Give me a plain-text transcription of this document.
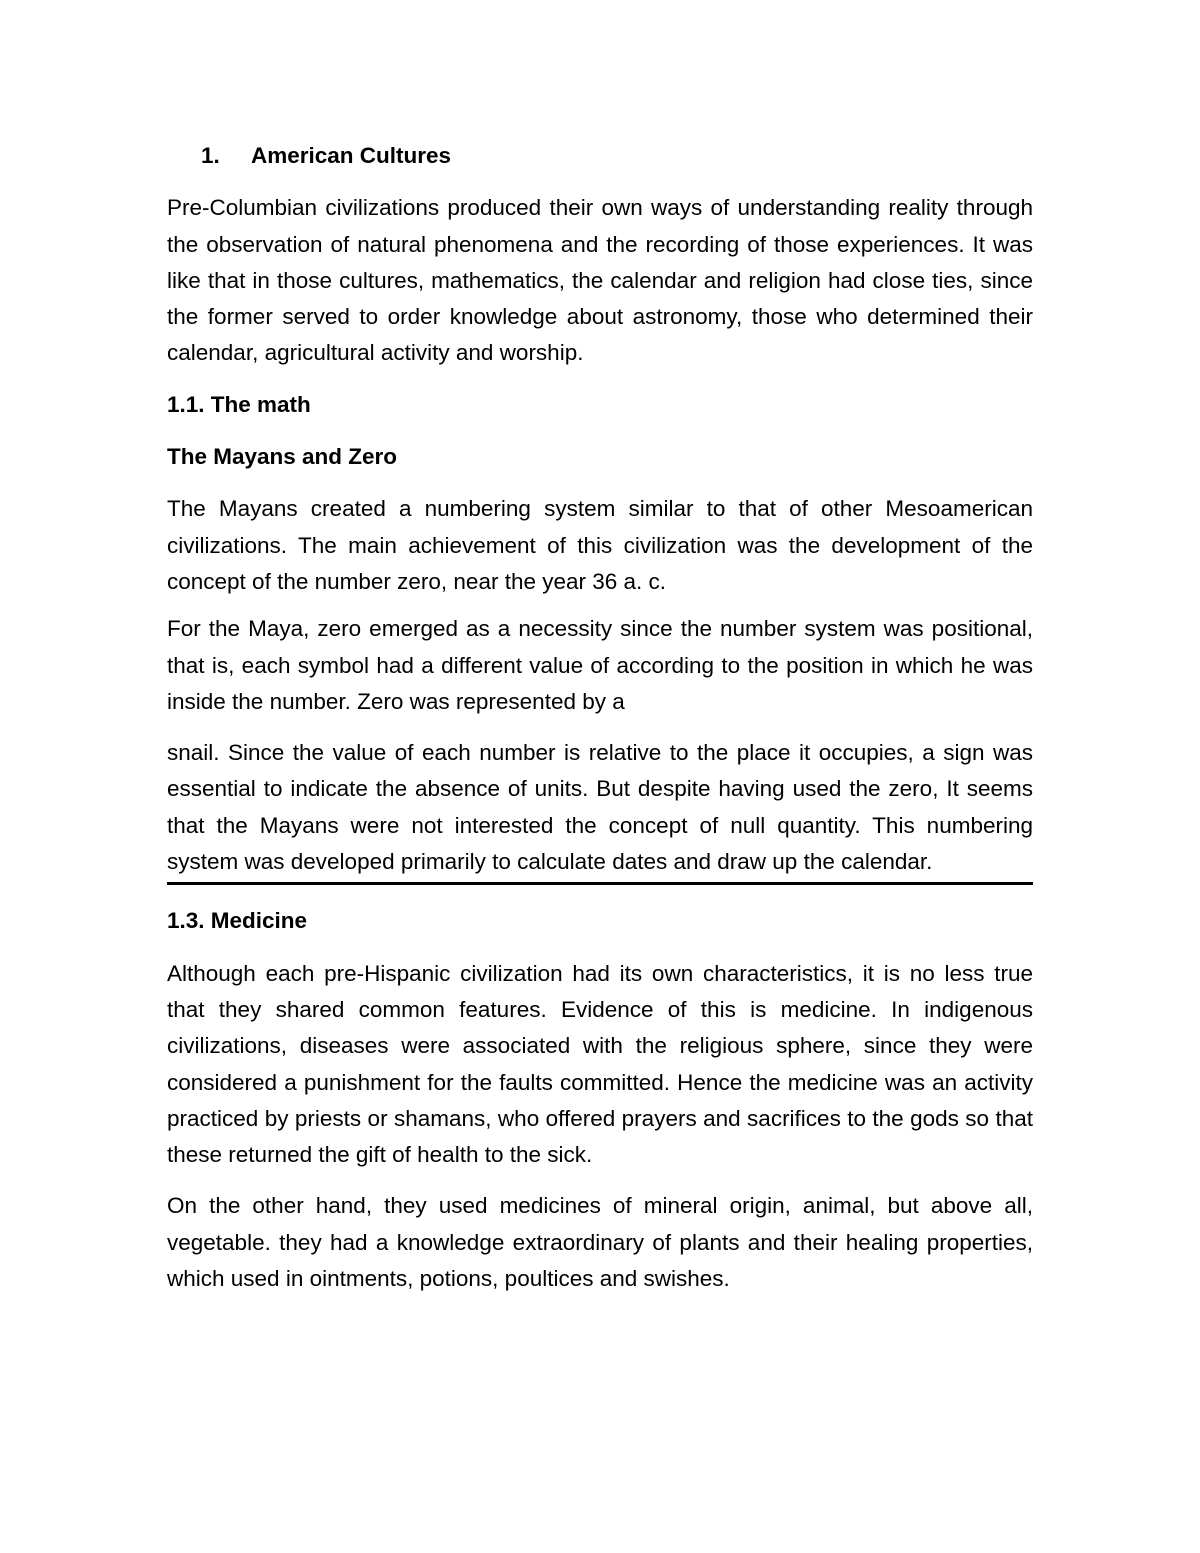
1.	American Cultures

Pre-Columbian civilizations produced their own ways of understanding reality through the observation of natural phenomena and the recording of those experiences. It was like that in those cultures, mathematics, the calendar and religion had close ties, since the former served to order knowledge about astronomy, those who determined their calendar, agricultural activity and worship.

1.1. The math
The Mayans and Zero

The Mayans created a numbering system similar to that of other Mesoamerican civilizations. The main achievement of this civilization was the development of the concept of the number zero, near the year 36 a. c.

For the Maya, zero emerged as a necessity since the number system was positional, that is, each symbol had a different value of according to the position in which he was inside the number. Zero was represented by a

snail. Since the value of each number is relative to the place it occupies, a sign was essential to indicate the absence of units. But despite having used the zero, It seems that the Mayans were not interested the concept of null quantity. This numbering system was developed primarily to calculate dates and draw up the calendar.

1.3. Medicine

Although each pre-Hispanic civilization had its own characteristics, it is no less true that they shared common features. Evidence of this is medicine. In indigenous civilizations, diseases were associated with the religious sphere, since they were considered a punishment for the faults committed. Hence the medicine was an activity practiced by priests or shamans, who offered prayers and sacrifices to the gods so that these returned the gift of health to the sick.

On the other hand, they used medicines of mineral origin, animal, but above all, vegetable. they had a knowledge extraordinary of plants and their healing properties, which used in ointments, potions, poultices and swishes.
